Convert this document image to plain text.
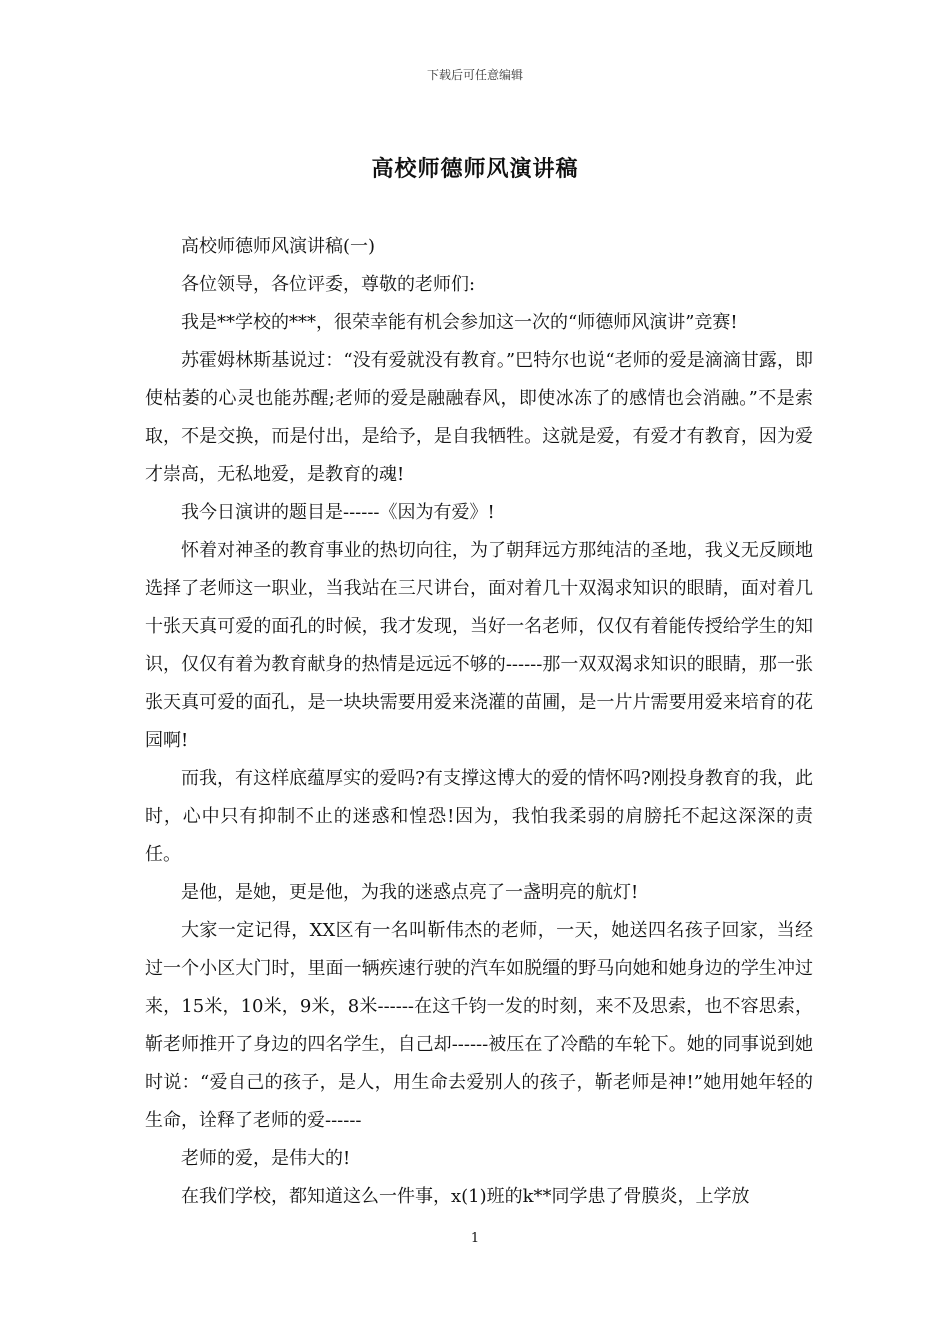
下载后可任意编辑
高校师德师风演讲稿

高校师德师风演讲稿(一)

各位领导，各位评委，尊敬的老师们:

我是**学校的***，很荣幸能有机会参加这一次的“师德师风演讲”竞赛!

苏霍姆林斯基说过：“没有爱就没有教育。”巴特尔也说“老师的爱是滴滴甘露，即使枯萎的心灵也能苏醒;老师的爱是融融春风，即使冰冻了的感情也会消融。”不是索取，不是交换，而是付出，是给予，是自我牺牲。这就是爱，有爱才有教育，因为爱才崇高，无私地爱，是教育的魂!

我今日演讲的题目是------《因为有爱》!

怀着对神圣的教育事业的热切向往，为了朝拜远方那纯洁的圣地，我义无反顾地选择了老师这一职业，当我站在三尺讲台，面对着几十双渴求知识的眼睛，面对着几十张天真可爱的面孔的时候，我才发现，当好一名老师，仅仅有着能传授给学生的知识，仅仅有着为教育献身的热情是远远不够的------那一双双渴求知识的眼睛，那一张张天真可爱的面孔，是一块块需要用爱来浇灌的苗圃，是一片片需要用爱来培育的花园啊!

而我，有这样底蕴厚实的爱吗?有支撑这博大的爱的情怀吗?刚投身教育的我，此时，心中只有抑制不止的迷惑和惶恐!因为，我怕我柔弱的肩膀托不起这深深的责任。

是他，是她，更是他，为我的迷惑点亮了一盏明亮的航灯!

大家一定记得，XX区有一名叫靳伟杰的老师，一天，她送四名孩子回家，当经过一个小区大门时，里面一辆疾速行驶的汽车如脱缰的野马向她和她身边的学生冲过来，15米，10米，9米，8米------在这千钧一发的时刻，来不及思索，也不容思索，靳老师推开了身边的四名学生，自己却------被压在了冷酷的车轮下。她的同事说到她时说：“爱自己的孩子，是人，用生命去爱别人的孩子，靳老师是神!”她用她年轻的生命，诠释了老师的爱------

老师的爱，是伟大的!

在我们学校，都知道这么一件事，x(1)班的k**同学患了骨膜炎，上学放

1
